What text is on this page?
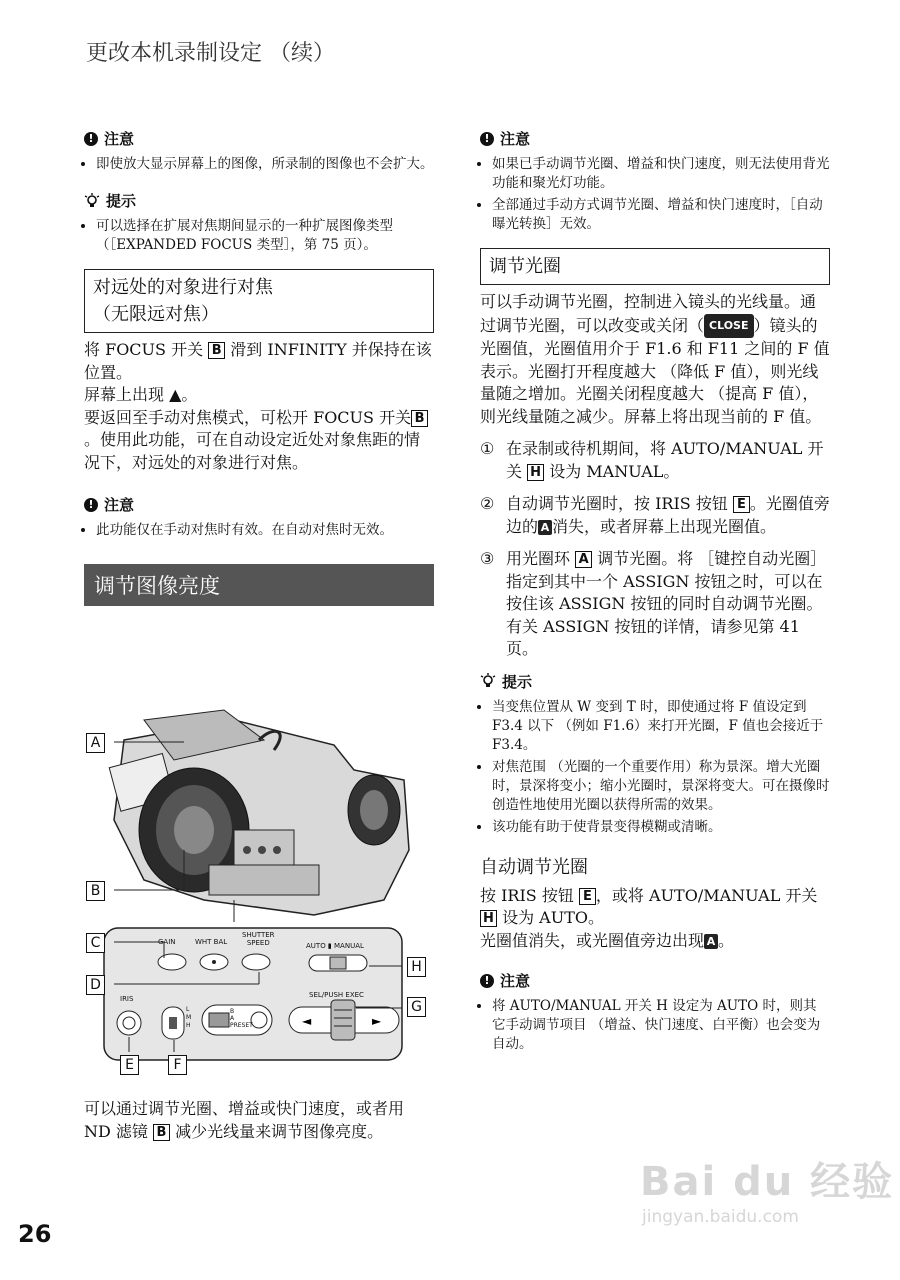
更改本机录制设定 （续）
! 注意
• 即使放大显示屏幕上的图像，所录制的图像也不会扩大。
提示
• 可以选择在扩展对焦期间显示的一种扩展图像类型 （［EXPANDED FOCUS 类型］，第 75 页）。
对远处的对象进行对焦
（无限远对焦）
将 FOCUS 开关 B 滑到 INFINITY 并保持在该位置。
屏幕上出现 ▲。
要返回至手动对焦模式，可松开 FOCUS 开关 B。使用此功能，可在自动设定近处对象焦距的情况下，对远处的对象进行对焦。
! 注意
• 此功能仅在手动对焦时有效。在自动对焦时无效。
调节图像亮度
◄	►
A
B
C
D
E	F
G
H
GAIN	WHT BAL
SHUTTER
SPEED	AUTO ▮ MANUAL
IRIS	SEL/PUSH EXEC
L
M
H
B
A
PRESET
可以通过调节光圈、增益或快门速度，或者用 ND 滤镜 B 减少光线量来调节图像亮度。
! 注意
• 如果已手动调节光圈、增益和快门速度，则无法使用背光功能和聚光灯功能。
• 全部通过手动方式调节光圈、增益和快门速度时，［自动曝光转换］无效。
调节光圈
可以手动调节光圈，控制进入镜头的光线量。通过调节光圈，可以改变或关闭（ CLOSE ）镜头的光圈值，光圈值用介于 F1.6 和 F11 之间的 F 值表示。光圈打开程度越大 （降低 F 值），则光线量随之增加。光圈关闭程度越大 （提高 F 值），则光线量随之减少。屏幕上将出现当前的 F 值。
① 在录制或待机期间，将 AUTO/MANUAL 开关 H 设为 MANUAL。
② 自动调节光圈时，按 IRIS 按钮 E 。光圈值旁边的 A 消失，或者屏幕上出现光圈值。
③ 用光圈环 A 调节光圈。将 ［键控自动光圈］指定到其中一个 ASSIGN 按钮之时，可以在按住该 ASSIGN 按钮的同时自动调节光圈。有关 ASSIGN 按钮的详情，请参见第 41 页。
提示
• 当变焦位置从 W 变到 T 时，即使通过将 F 值设定到 F3.4 以下 （例如 F1.6）来打开光圈，F 值也会接近于 F3.4。
• 对焦范围 （光圈的一个重要作用）称为景深。增大光圈时，景深将变小；缩小光圈时，景深将变大。可在摄像时创造性地使用光圈以获得所需的效果。
• 该功能有助于使背景变得模糊或清晰。
自动调节光圈
按 IRIS 按钮 E ，或将 AUTO/MANUAL 开关 H 设为 AUTO。
光圈值消失，或光圈值旁边出现 A 。
! 注意
• 将 AUTO/MANUAL 开关 H 设定为 AUTO 时，则其它手动调节项目 （增益、快门速度、白平衡）也会变为自动。
26
Bai du 经验
jingyan.baidu.com
